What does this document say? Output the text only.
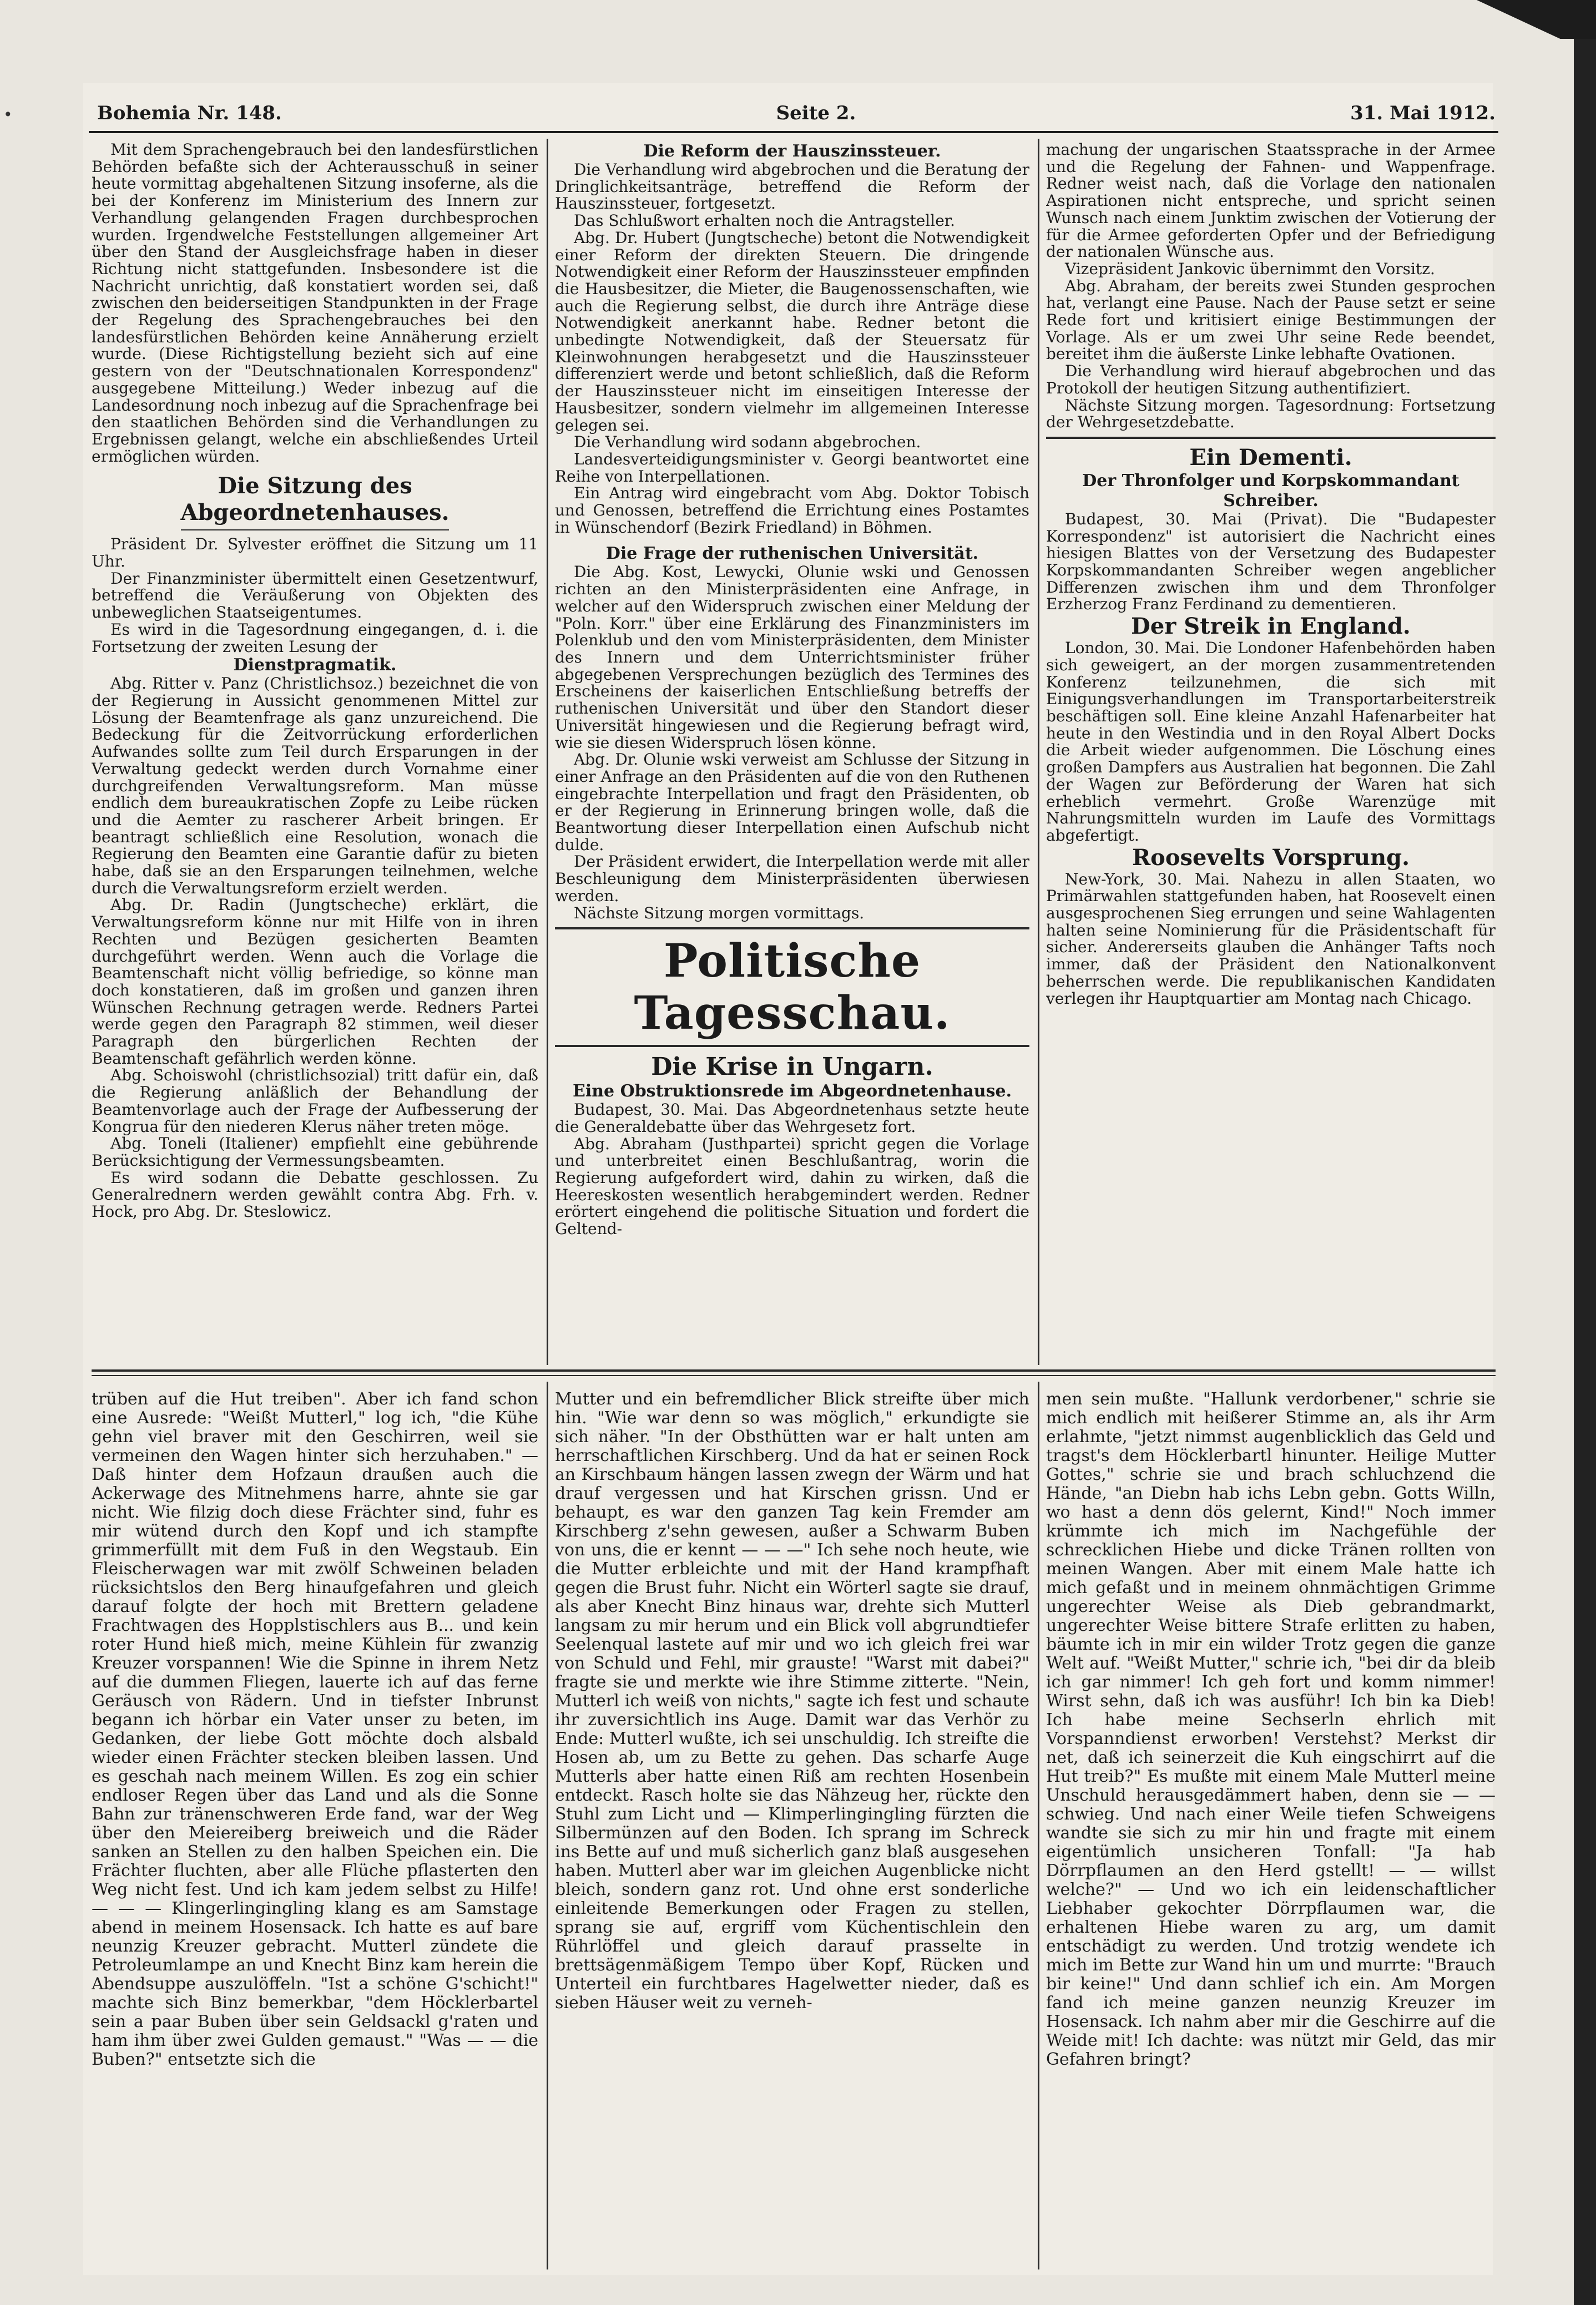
•	Bohemia Nr. 148.	Seite 2.	31. Mai 1912.

Mit dem Sprachengebrauch bei den landesfürstlichen Behörden befaßte sich der Achterausschuß in seiner heute vormittag abgehaltenen Sitzung insoferne, als die bei der Konferenz im Ministerium des Innern zur Verhandlung gelangenden Fragen durchbesprochen wurden. Irgendwelche Feststellungen allgemeiner Art über den Stand der Ausgleichsfrage haben in dieser Richtung nicht stattgefunden. Insbesondere ist die Nachricht unrichtig, daß konstatiert worden sei, daß zwischen den beiderseitigen Standpunkten in der Frage der Regelung des Sprachengebrauches bei den landesfürstlichen Behörden keine Annäherung erzielt wurde. (Diese Richtigstellung bezieht sich auf eine gestern von der "Deutschnationalen Korrespondenz" ausgegebene Mitteilung.) Weder inbezug auf die Landesordnung noch inbezug auf die Sprachenfrage bei den staatlichen Behörden sind die Verhandlungen zu Ergebnissen gelangt, welche ein abschließendes Urteil ermöglichen würden.

Die Sitzung des Abgeordnetenhauses.

Präsident Dr. Sylvester eröffnet die Sitzung um 11 Uhr.

Der Finanzminister übermittelt einen Gesetzentwurf, betreffend die Veräußerung von Objekten des unbeweglichen Staatseigentumes.

Es wird in die Tagesordnung eingegangen, d. i. die Fortsetzung der zweiten Lesung der

Dienstpragmatik.

Abg. Ritter v. Panz (Christlichsoz.) bezeichnet die von der Regierung in Aussicht genommenen Mittel zur Lösung der Beamtenfrage als ganz unzureichend. Die Bedeckung für die Zeitvorrückung erforderlichen Aufwandes sollte zum Teil durch Ersparungen in der Verwaltung gedeckt werden durch Vornahme einer durchgreifenden Verwaltungsreform. Man müsse endlich dem bureaukratischen Zopfe zu Leibe rücken und die Aemter zu rascherer Arbeit bringen. Er beantragt schließlich eine Resolution, wonach die Regierung den Beamten eine Garantie dafür zu bieten habe, daß sie an den Ersparungen teilnehmen, welche durch die Verwaltungsreform erzielt werden.

Abg. Dr. Radin (Jungtscheche) erklärt, die Verwaltungsreform könne nur mit Hilfe von in ihren Rechten und Bezügen gesicherten Beamten durchgeführt werden. Wenn auch die Vorlage die Beamtenschaft nicht völlig befriedige, so könne man doch konstatieren, daß im großen und ganzen ihren Wünschen Rechnung getragen werde. Redners Partei werde gegen den Paragraph 82 stimmen, weil dieser Paragraph den bürgerlichen Rechten der Beamtenschaft gefährlich werden könne.

Abg. Schoiswohl (christlichsozial) tritt dafür ein, daß die Regierung anläßlich der Behandlung der Beamtenvorlage auch der Frage der Aufbesserung der Kongrua für den niederen Klerus näher treten möge.

Abg. Toneli (Italiener) empfiehlt eine gebührende Berücksichtigung der Vermessungsbeamten.

Es wird sodann die Debatte geschlossen. Zu Generalrednern werden gewählt contra Abg. Frh. v. Hock, pro Abg. Dr. Steslowicz.

Die Reform der Hauszinssteuer.

Die Verhandlung wird abgebrochen und die Beratung der Dringlichkeitsanträge, betreffend die Reform der Hauszinssteuer, fortgesetzt.

Das Schlußwort erhalten noch die Antragsteller.

Abg. Dr. Hubert (Jungtscheche) betont die Notwendigkeit einer Reform der direkten Steuern. Die dringende Notwendigkeit einer Reform der Hauszinssteuer empfinden die Hausbesitzer, die Mieter, die Baugenossenschaften, wie auch die Regierung selbst, die durch ihre Anträge diese Notwendigkeit anerkannt habe. Redner betont die unbedingte Notwendigkeit, daß der Steuersatz für Kleinwohnungen herabgesetzt und die Hauszinssteuer differenziert werde und betont schließlich, daß die Reform der Hauszinssteuer nicht im einseitigen Interesse der Hausbesitzer, sondern vielmehr im allgemeinen Interesse gelegen sei.

Die Verhandlung wird sodann abgebrochen.

Landesverteidigungsminister v. Georgi beantwortet eine Reihe von Interpellationen.

Ein Antrag wird eingebracht vom Abg. Doktor Tobisch und Genossen, betreffend die Errichtung eines Postamtes in Wünschendorf (Bezirk Friedland) in Böhmen.

Die Frage der ruthenischen Universität.

Die Abg. Kost, Lewycki, Olunie wski und Genossen richten an den Ministerpräsidenten eine Anfrage, in welcher auf den Widerspruch zwischen einer Meldung der "Poln. Korr." über eine Erklärung des Finanzministers im Polenklub und den vom Ministerpräsidenten, dem Minister des Innern und dem Unterrichtsminister früher abgegebenen Versprechungen bezüglich des Termines des Erscheinens der kaiserlichen Entschließung betreffs der ruthenischen Universität und über den Standort dieser Universität hingewiesen und die Regierung befragt wird, wie sie diesen Widerspruch lösen könne.

Abg. Dr. Olunie wski verweist am Schlusse der Sitzung in einer Anfrage an den Präsidenten auf die von den Ruthenen eingebrachte Interpellation und fragt den Präsidenten, ob er der Regierung in Erinnerung bringen wolle, daß die Beantwortung dieser Interpellation einen Aufschub nicht dulde.

Der Präsident erwidert, die Interpellation werde mit aller Beschleunigung dem Ministerpräsidenten überwiesen werden.

Nächste Sitzung morgen vormittags.

Politische Tagesschau.
Die Krise in Ungarn.
Eine Obstruktionsrede im Abgeordnetenhause.

Budapest, 30. Mai. Das Abgeordnetenhaus setzte heute die Generaldebatte über das Wehrgesetz fort.

Abg. Abraham (Justhpartei) spricht gegen die Vorlage und unterbreitet einen Beschlußantrag, worin die Regierung aufgefordert wird, dahin zu wirken, daß die Heereskosten wesentlich herabgemindert werden. Redner erörtert eingehend die politische Situation und fordert die Geltend-

machung der ungarischen Staatssprache in der Armee und die Regelung der Fahnen- und Wappenfrage. Redner weist nach, daß die Vorlage den nationalen Aspirationen nicht entspreche, und spricht seinen Wunsch nach einem Junktim zwischen der Votierung der für die Armee geforderten Opfer und der Befriedigung der nationalen Wünsche aus.

Vizepräsident Jankovic übernimmt den Vorsitz.

Abg. Abraham, der bereits zwei Stunden gesprochen hat, verlangt eine Pause. Nach der Pause setzt er seine Rede fort und kritisiert einige Bestimmungen der Vorlage. Als er um zwei Uhr seine Rede beendet, bereitet ihm die äußerste Linke lebhafte Ovationen.

Die Verhandlung wird hierauf abgebrochen und das Protokoll der heutigen Sitzung authentifiziert.

Nächste Sitzung morgen. Tagesordnung: Fortsetzung der Wehrgesetzdebatte.

Ein Dementi.
Der Thronfolger und Korpskommandant Schreiber.

Budapest, 30. Mai (Privat). Die "Budapester Korrespondenz" ist autorisiert die Nachricht eines hiesigen Blattes von der Versetzung des Budapester Korpskommandanten Schreiber wegen angeblicher Differenzen zwischen ihm und dem Thronfolger Erzherzog Franz Ferdinand zu dementieren.

Der Streik in England.

London, 30. Mai. Die Londoner Hafenbehörden haben sich geweigert, an der morgen zusammentretenden Konferenz teilzunehmen, die sich mit Einigungsverhandlungen im Transportarbeiterstreik beschäftigen soll. Eine kleine Anzahl Hafenarbeiter hat heute in den Westindia und in den Royal Albert Docks die Arbeit wieder aufgenommen. Die Löschung eines großen Dampfers aus Australien hat begonnen. Die Zahl der Wagen zur Beförderung der Waren hat sich erheblich vermehrt. Große Warenzüge mit Nahrungsmitteln wurden im Laufe des Vormittags abgefertigt.

Roosevelts Vorsprung.

New-York, 30. Mai. Nahezu in allen Staaten, wo Primärwahlen stattgefunden haben, hat Roosevelt einen ausgesprochenen Sieg errungen und seine Wahlagenten halten seine Nominierung für die Präsidentschaft für sicher. Andererseits glauben die Anhänger Tafts noch immer, daß der Präsident den Nationalkonvent beherrschen werde. Die republikanischen Kandidaten verlegen ihr Hauptquartier am Montag nach Chicago.

trüben auf die Hut treiben". Aber ich fand schon eine Ausrede: "Weißt Mutterl," log ich, "die Kühe gehn viel braver mit den Geschirren, weil sie vermeinen den Wagen hinter sich herzuhaben." — Daß hinter dem Hofzaun draußen auch die Ackerwage des Mitnehmens harre, ahnte sie gar nicht. Wie filzig doch diese Frächter sind, fuhr es mir wütend durch den Kopf und ich stampfte grimmerfüllt mit dem Fuß in den Wegstaub. Ein Fleischerwagen war mit zwölf Schweinen beladen rücksichtslos den Berg hinaufgefahren und gleich darauf folgte der hoch mit Brettern geladene Frachtwagen des Hopplstischlers aus B... und kein roter Hund hieß mich, meine Kühlein für zwanzig Kreuzer vorspannen! Wie die Spinne in ihrem Netz auf die dummen Fliegen, lauerte ich auf das ferne Geräusch von Rädern. Und in tiefster Inbrunst begann ich hörbar ein Vater unser zu beten, im Gedanken, der liebe Gott möchte doch alsbald wieder einen Frächter stecken bleiben lassen. Und es geschah nach meinem Willen. Es zog ein schier endloser Regen über das Land und als die Sonne Bahn zur tränenschweren Erde fand, war der Weg über den Meiereiberg breiweich und die Räder sanken an Stellen zu den halben Speichen ein. Die Frächter fluchten, aber alle Flüche pflasterten den Weg nicht fest. Und ich kam jedem selbst zu Hilfe! — — — Klingerlingingling klang es am Samstage abend in meinem Hosensack. Ich hatte es auf bare neunzig Kreuzer gebracht. Mutterl zündete die Petroleumlampe an und Knecht Binz kam herein die Abendsuppe auszulöffeln. "Ist a schöne G'schicht!" machte sich Binz bemerkbar, "dem Höcklerbartel sein a paar Buben über sein Geldsackl g'raten und ham ihm über zwei Gulden gemaust." "Was — — die Buben?" entsetzte sich die

Mutter und ein befremdlicher Blick streifte über mich hin. "Wie war denn so was möglich," erkundigte sie sich näher. "In der Obsthütten war er halt unten am herrschaftlichen Kirschberg. Und da hat er seinen Rock an Kirschbaum hängen lassen zwegn der Wärm und hat drauf vergessen und hat Kirschen grissn. Und er behaupt, es war den ganzen Tag kein Fremder am Kirschberg z'sehn gewesen, außer a Schwarm Buben von uns, die er kennt — — —" Ich sehe noch heute, wie die Mutter erbleichte und mit der Hand krampfhaft gegen die Brust fuhr. Nicht ein Wörterl sagte sie drauf, als aber Knecht Binz hinaus war, drehte sich Mutterl langsam zu mir herum und ein Blick voll abgrundtiefer Seelenqual lastete auf mir und wo ich gleich frei war von Schuld und Fehl, mir grauste! "Warst mit dabei?" fragte sie und merkte wie ihre Stimme zitterte. "Nein, Mutterl ich weiß von nichts," sagte ich fest und schaute ihr zuversichtlich ins Auge. Damit war das Verhör zu Ende: Mutterl wußte, ich sei unschuldig. Ich streifte die Hosen ab, um zu Bette zu gehen. Das scharfe Auge Mutterls aber hatte einen Riß am rechten Hosenbein entdeckt. Rasch holte sie das Nähzeug her, rückte den Stuhl zum Licht und — Klimperlingingling fürzten die Silbermünzen auf den Boden. Ich sprang im Schreck ins Bette auf und muß sicherlich ganz blaß ausgesehen haben. Mutterl aber war im gleichen Augenblicke nicht bleich, sondern ganz rot. Und ohne erst sonderliche einleitende Bemerkungen oder Fragen zu stellen, sprang sie auf, ergriff vom Küchentischlein den Rührlöffel und gleich darauf prasselte in brettsägenmäßigem Tempo über Kopf, Rücken und Unterteil ein furchtbares Hagelwetter nieder, daß es sieben Häuser weit zu verneh-

men sein mußte. "Hallunk verdorbener," schrie sie mich endlich mit heißerer Stimme an, als ihr Arm erlahmte, "jetzt nimmst augenblicklich das Geld und tragst's dem Höcklerbartl hinunter. Heilige Mutter Gottes," schrie sie und brach schluchzend die Hände, "an Diebn hab ichs Lebn gebn. Gotts Willn, wo hast a denn dös gelernt, Kind!" Noch immer krümmte ich mich im Nachgefühle der schrecklichen Hiebe und dicke Tränen rollten von meinen Wangen. Aber mit einem Male hatte ich mich gefaßt und in meinem ohnmächtigen Grimme ungerechter Weise als Dieb gebrandmarkt, ungerechter Weise bittere Strafe erlitten zu haben, bäumte ich in mir ein wilder Trotz gegen die ganze Welt auf. "Weißt Mutter," schrie ich, "bei dir da bleib ich gar nimmer! Ich geh fort und komm nimmer! Wirst sehn, daß ich was ausführ! Ich bin ka Dieb! Ich habe meine Sechserln ehrlich mit Vorspanndienst erworben! Verstehst? Merkst dir net, daß ich seinerzeit die Kuh eingschirrt auf die Hut treib?" Es mußte mit einem Male Mutterl meine Unschuld herausgedämmert haben, denn sie — — schwieg. Und nach einer Weile tiefen Schweigens wandte sie sich zu mir hin und fragte mit einem eigentümlich unsicheren Tonfall: "Ja hab Dörrpflaumen an den Herd gstellt! — — willst welche?" — Und wo ich ein leidenschaftlicher Liebhaber gekochter Dörrpflaumen war, die erhaltenen Hiebe waren zu arg, um damit entschädigt zu werden. Und trotzig wendete ich mich im Bette zur Wand hin um und murrte: "Brauch bir keine!" Und dann schlief ich ein. Am Morgen fand ich meine ganzen neunzig Kreuzer im Hosensack. Ich nahm aber mir die Geschirre auf die Weide mit! Ich dachte: was nützt mir Geld, das mir Gefahren bringt?
